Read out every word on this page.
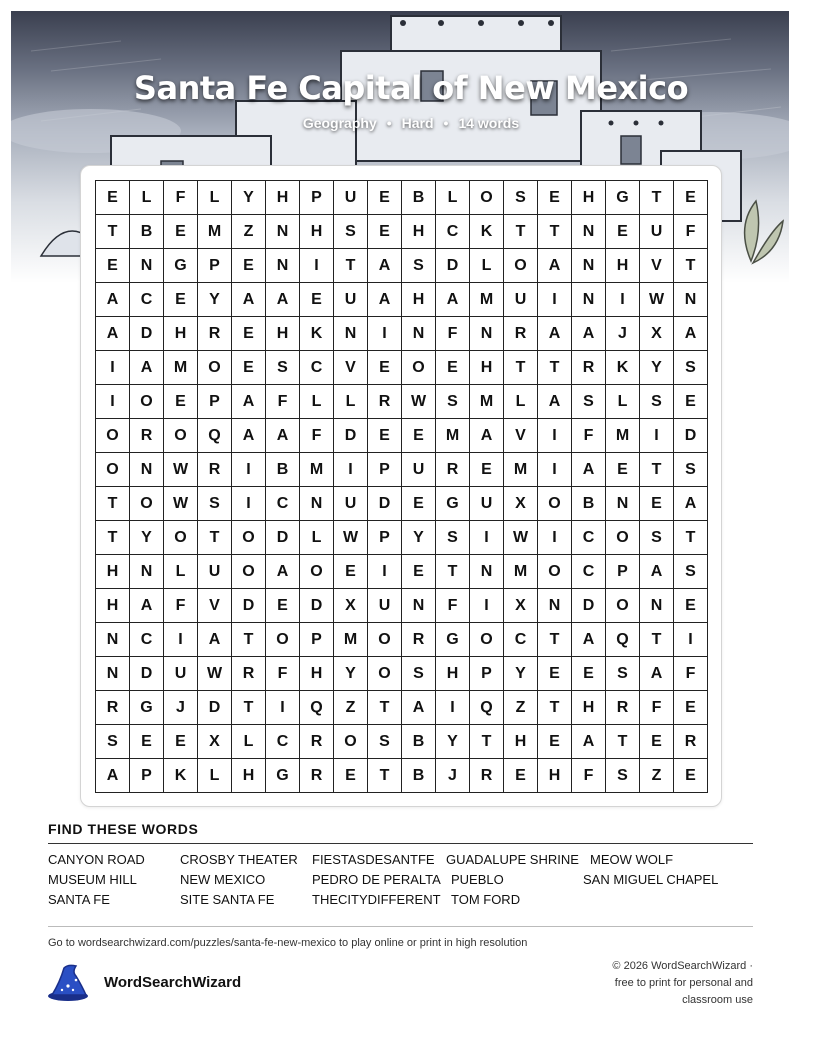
Santa Fe Capital of New Mexico
Geography • Hard • 14 words
E	L	F	L	Y	H	P	U	E	B	L	O	S	E	H	G	T	E
T	B	E	M	Z	N	H	S	E	H	C	K	T	T	N	E	U	F
E	N	G	P	E	N	I	T	A	S	D	L	O	A	N	H	V	T
A	C	E	Y	A	A	E	U	A	H	A	M	U	I	N	I	W	N
A	D	H	R	E	H	K	N	I	N	F	N	R	A	A	J	X	A
I	A	M	O	E	S	C	V	E	O	E	H	T	T	R	K	Y	S
I	O	E	P	A	F	L	L	R	W	S	M	L	A	S	L	S	E
O	R	O	Q	A	A	F	D	E	E	M	A	V	I	F	M	I	D
O	N	W	R	I	B	M	I	P	U	R	E	M	I	A	E	T	S
T	O	W	S	I	C	N	U	D	E	G	U	X	O	B	N	E	A
T	Y	O	T	O	D	L	W	P	Y	S	I	W	I	C	O	S	T
H	N	L	U	O	A	O	E	I	E	T	N	M	O	C	P	A	S
H	A	F	V	D	E	D	X	U	N	F	I	X	N	D	O	N	E
N	C	I	A	T	O	P	M	O	R	G	O	C	T	A	Q	T	I
N	D	U	W	R	F	H	Y	O	S	H	P	Y	E	E	S	A	F
R	G	J	D	T	I	Q	Z	T	A	I	Q	Z	T	H	R	F	E
S	E	E	X	L	C	R	O	S	B	Y	T	H	E	A	T	E	R
A	P	K	L	H	G	R	E	T	B	J	R	E	H	F	S	Z	E
FIND THESE WORDS
CANYON ROAD	CROSBY THEATER FIESTASDESANTFE GUADALUPE SHRINE MEOW WOLF
MUSEUM HILL	NEW MEXICO	PEDRO DE PERALTA PUEBLO	SAN MIGUEL CHAPEL
SANTA FE	SITE SANTA FE	THECITYDIFFERENT TOM FORD
Go to wordsearchwizard.com/puzzles/santa-fe-new-mexico to play online or print in high resolution
WordSearchWizard
© 2026 WordSearchWizard ·
free to print for personal and
classroom use
